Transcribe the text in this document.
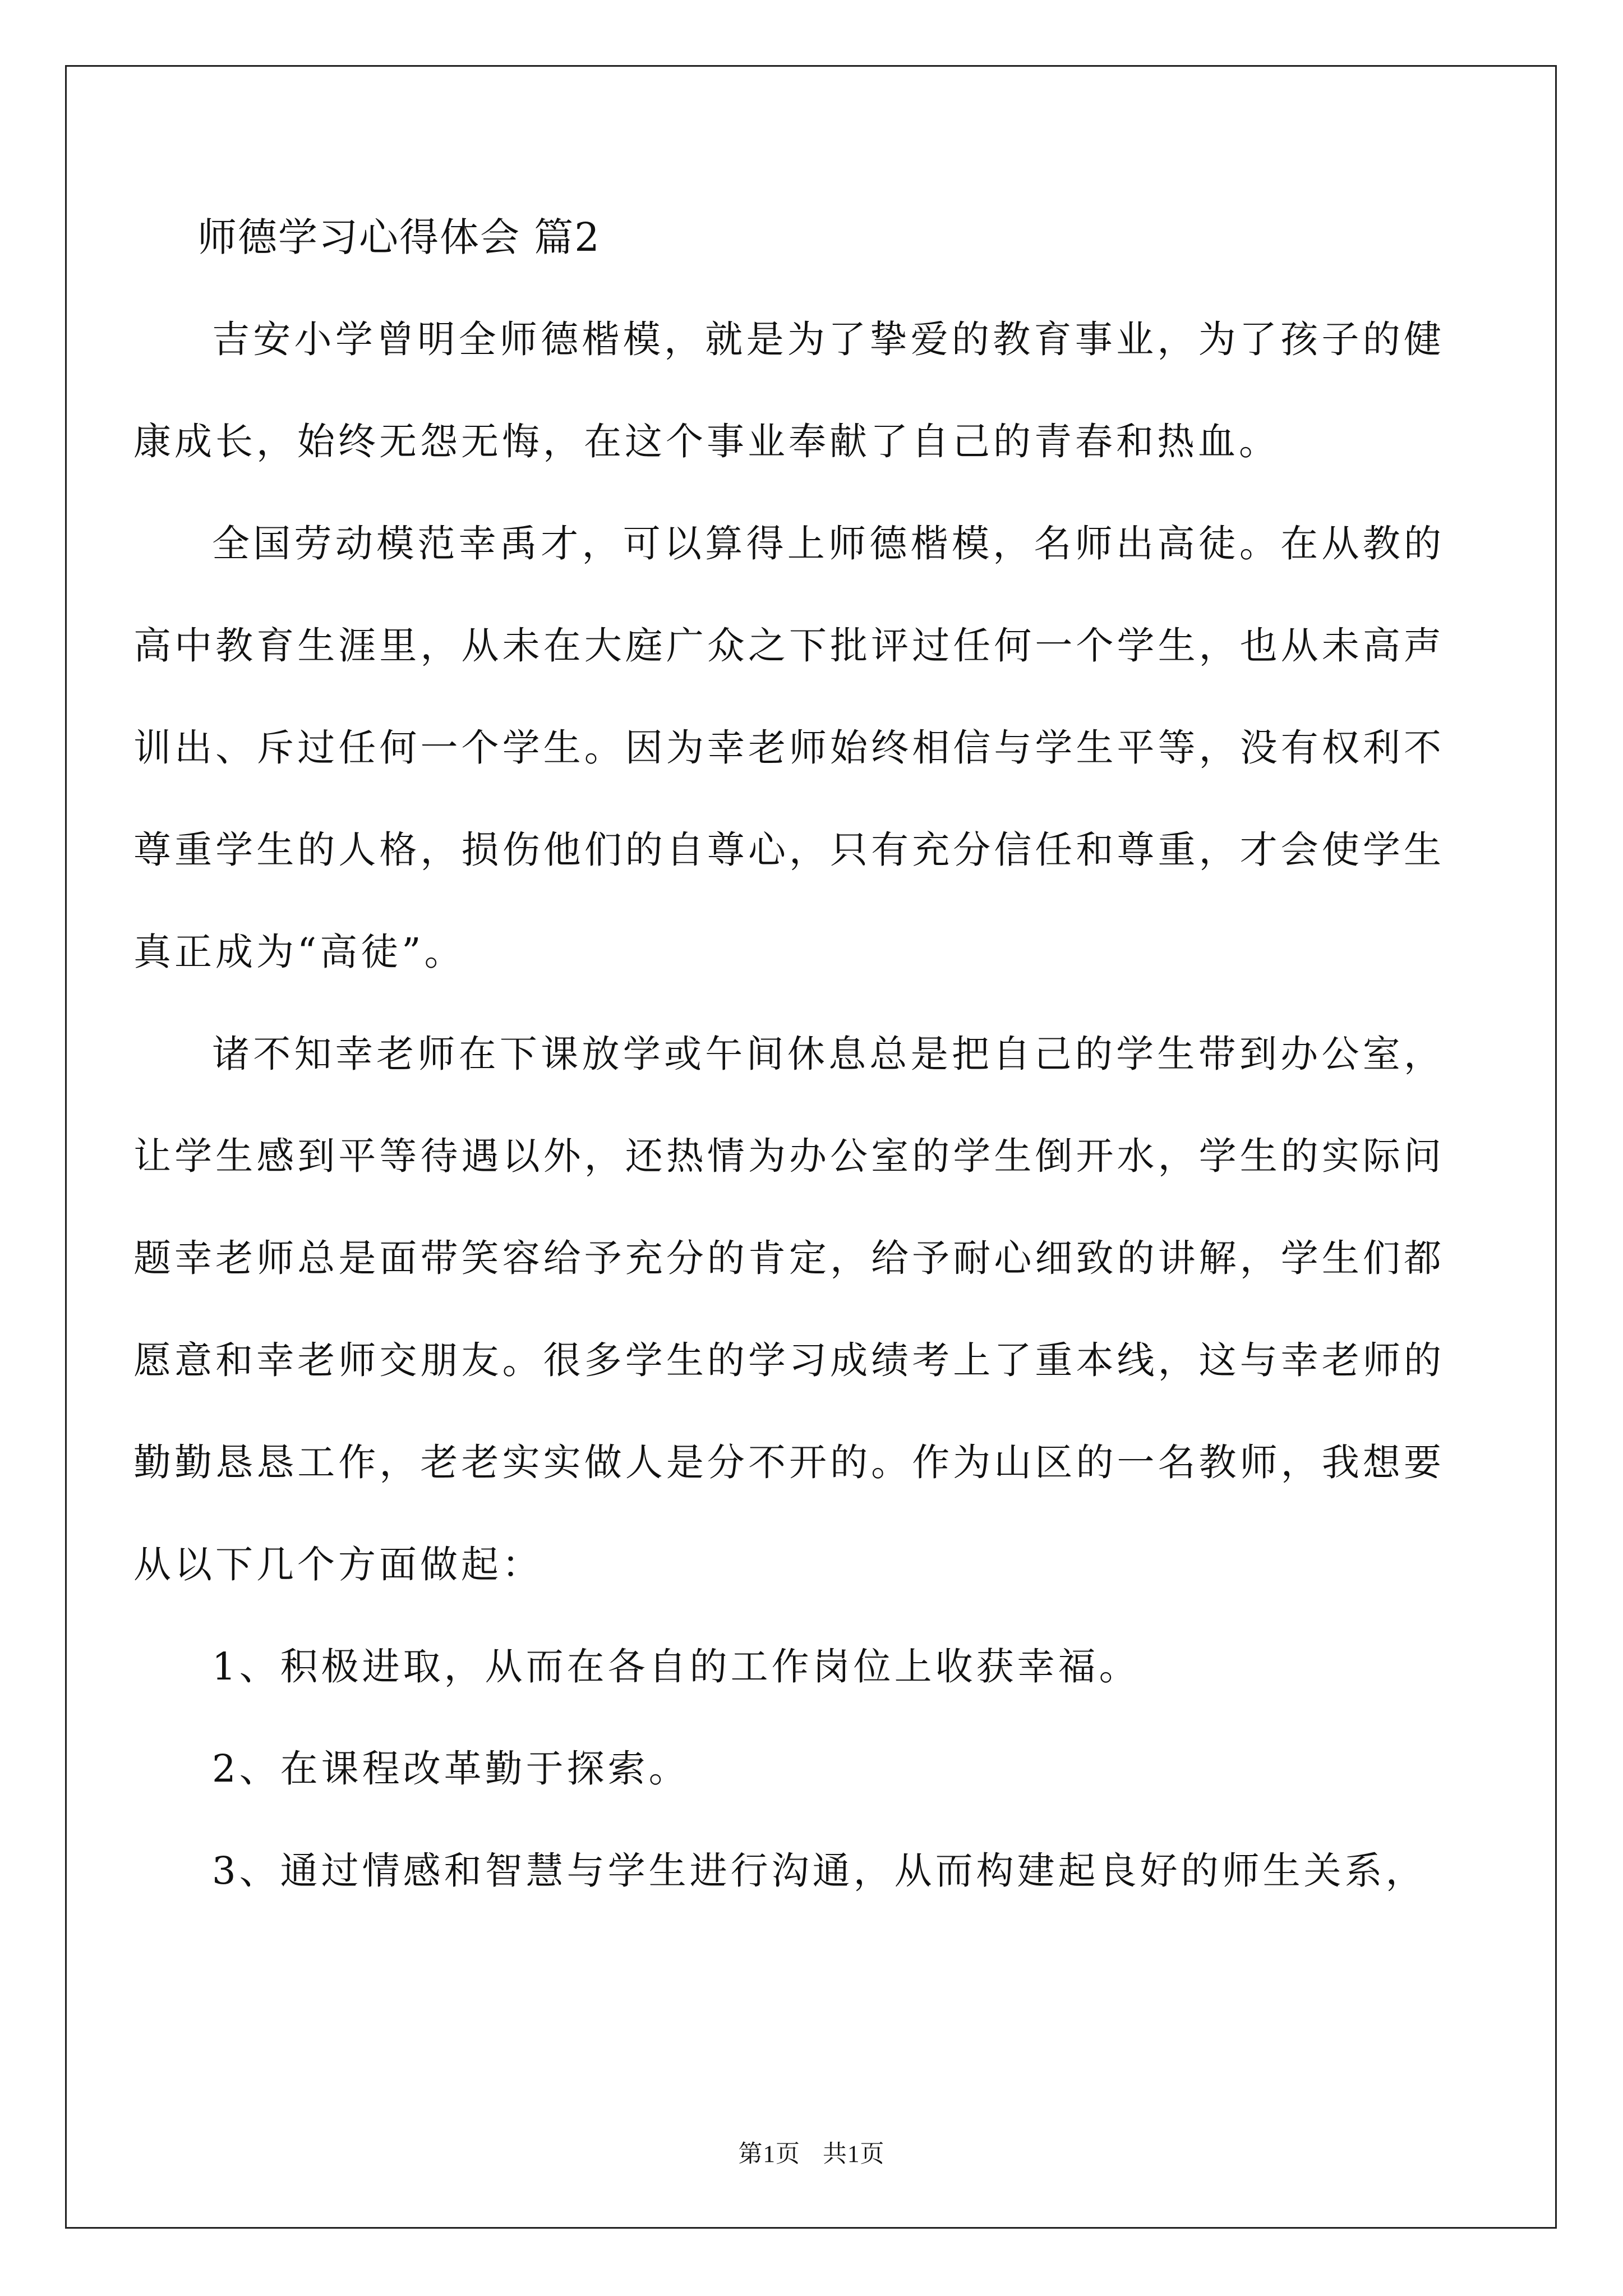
师德学习心得体会 篇2

吉安小学曾明全师德楷模，就是为了挚爱的教育事业，为了孩子的健康成长，始终无怨无悔，在这个事业奉献了自己的青春和热血。

全国劳动模范幸禹才，可以算得上师德楷模，名师出高徒。在从教的高中教育生涯里，从未在大庭广众之下批评过任何一个学生，也从未高声训出、斥过任何一个学生。因为幸老师始终相信与学生平等，没有权利不尊重学生的人格，损伤他们的自尊心，只有充分信任和尊重，才会使学生真正成为“高徒”。

诸不知幸老师在下课放学或午间休息总是把自己的学生带到办公室，让学生感到平等待遇以外，还热情为办公室的学生倒开水，学生的实际问题幸老师总是面带笑容给予充分的肯定，给予耐心细致的讲解，学生们都愿意和幸老师交朋友。很多学生的学习成绩考上了重本线，这与幸老师的勤勤恳恳工作，老老实实做人是分不开的。作为山区的一名教师，我想要从以下几个方面做起：

1、积极进取，从而在各自的工作岗位上收获幸福。

2、在课程改革勤于探索。

3、通过情感和智慧与学生进行沟通，从而构建起良好的师生关系，

第1页 共1页
